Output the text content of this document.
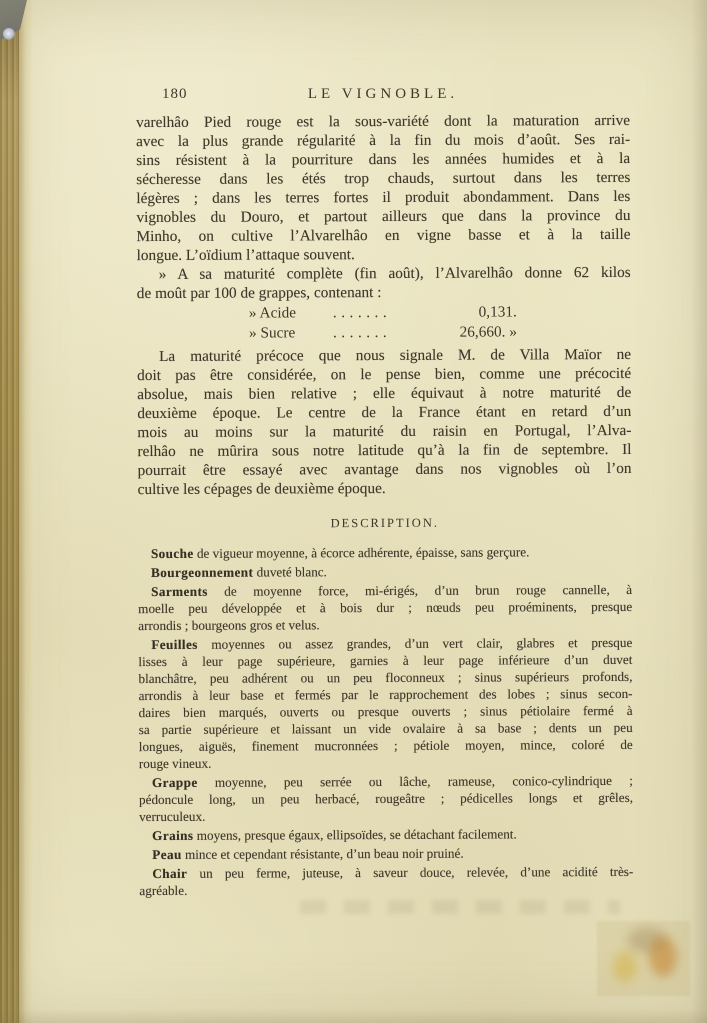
180	LE VIGNOBLE.
varelhâo Pied rouge est la sous-variété dont la maturation arrive
avec la plus grande régularité à la fin du mois d’août. Ses rai-
sins résistent à la pourriture dans les années humides et à la
sécheresse dans les étés trop chauds, surtout dans les terres
légères ; dans les terres fortes il produit abondamment. Dans les
vignobles du Douro, et partout ailleurs que dans la province du
Minho, on cultive l’Alvarelhâo en vigne basse et à la taille
longue. L’oïdium l’attaque souvent.
» A sa maturité complète (fin août), l’Alvarelhâo donne 62 kilos
de moût par 100 de grappes, contenant :
» Acide	.......	0,131.
» Sucre	.......	26,660. »
La maturité précoce que nous signale M. de Villa Maïor ne
doit pas être considérée, on le pense bien, comme une précocité
absolue, mais bien relative ; elle équivaut à notre maturité de
deuxième époque. Le centre de la France étant en retard d’un
mois au moins sur la maturité du raisin en Portugal, l’Alva-
relhâo ne mûrira sous notre latitude qu’à la fin de septembre. Il
pourrait être essayé avec avantage dans nos vignobles où l’on
cultive les cépages de deuxième époque.
DESCRIPTION.
Souche de vigueur moyenne, à écorce adhérente, épaisse, sans gerçure.
Bourgeonnement duveté blanc.
Sarments de moyenne force, mi-érigés, d’un brun rouge cannelle, à
moelle peu développée et à bois dur ; nœuds peu proéminents, presque
arrondis ; bourgeons gros et velus.
Feuilles moyennes ou assez grandes, d’un vert clair, glabres et presque
lisses à leur page supérieure, garnies à leur page inférieure d’un duvet
blanchâtre, peu adhérent ou un peu floconneux ; sinus supérieurs profonds,
arrondis à leur base et fermés par le rapprochement des lobes ; sinus secon-
daires bien marqués, ouverts ou presque ouverts ; sinus pétiolaire fermé à
sa partie supérieure et laissant un vide ovalaire à sa base ; dents un peu
longues, aiguës, finement mucronnées ; pétiole moyen, mince, coloré de
rouge vineux.
Grappe moyenne, peu serrée ou lâche, rameuse, conico-cylindrique ;
pédoncule long, un peu herbacé, rougeâtre ; pédicelles longs et grêles,
verruculeux.
Grains moyens, presque égaux, ellipsoïdes, se détachant facilement.
Peau mince et cependant résistante, d’un beau noir pruiné.
Chair un peu ferme, juteuse, à saveur douce, relevée, d’une acidité très-
agréable.
